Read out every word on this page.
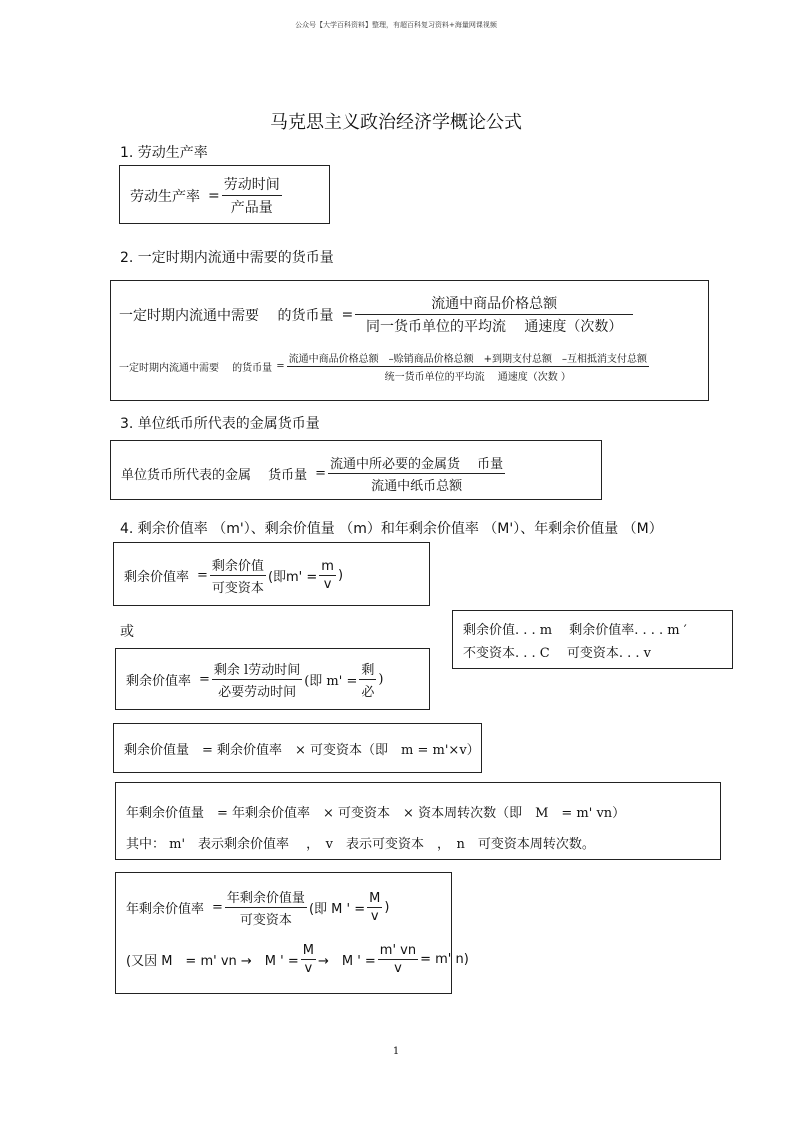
公众号【大学百科资料】整理，有超百科复习资料+海量网课视频
马克思主义政治经济学概论公式
1. 劳动生产率
劳动生产率 = $\frac{\text{劳动时间}}{\text{产品量}}$
2. 一定时期内流通中需要的货币量
一定时期内流通中需要　 的货币量 = $\frac{\text{流通中商品价格总额}}{\text{同一货币单位的平均流　 通速度（次数）}}$
一定时期内流通中需要　 的货币量 = $\frac{\text{流通中商品价格总额　–赊销商品价格总额　+到期支付总额　–互相抵消支付总额}}{\text{统一货币单位的平均流　 通速度（次数 ）}}$
3. 单位纸币所代表的金属货币量
单位货币所代表的金属　 货币量 = $\frac{\text{流通中所必要的金属货　 币量}}{\text{流通中纸币总额}}$
4. 剩余价值率 （m'）、剩余价值量 （m）和年剩余价值率 （M'）、年剩余价值量 （M）
剩余价值率 = $\frac{\text{剩余价值}}{\text{可变资本}}$ (即$m' = \frac{m}{v}$ )
或	剩余价值. . . m　 剩余价值率. . . . m ′
不变资本. . . C　 可变资本. . . v
剩余价值率 = $\frac{\text{剩余 l劳动时间}}{\text{必要劳动时间}}$ (即 $m' = \frac{\text{剩}}{\text{必}}$ )
剩余价值量　= 剩余价值率　× 可变资本（即　m = m'×v）
年剩余价值量　= 年剩余价值率　× 可变资本　× 资本周转次数（即　M　= m' vn）
其中： m'　表示剩余价值率　 ，　v　表示可变资本　，　n　可变资本周转次数。
年剩余价值率 = $\frac{\text{年剩余价值量}}{\text{可变资本}}$ (即 M ' = $\frac{M}{v}$ )
(又因 M　= m' vn →　M ' = $\frac{M}{v}$ →　M ' = $\frac{m' vn}{v} = m'$ n)
1
